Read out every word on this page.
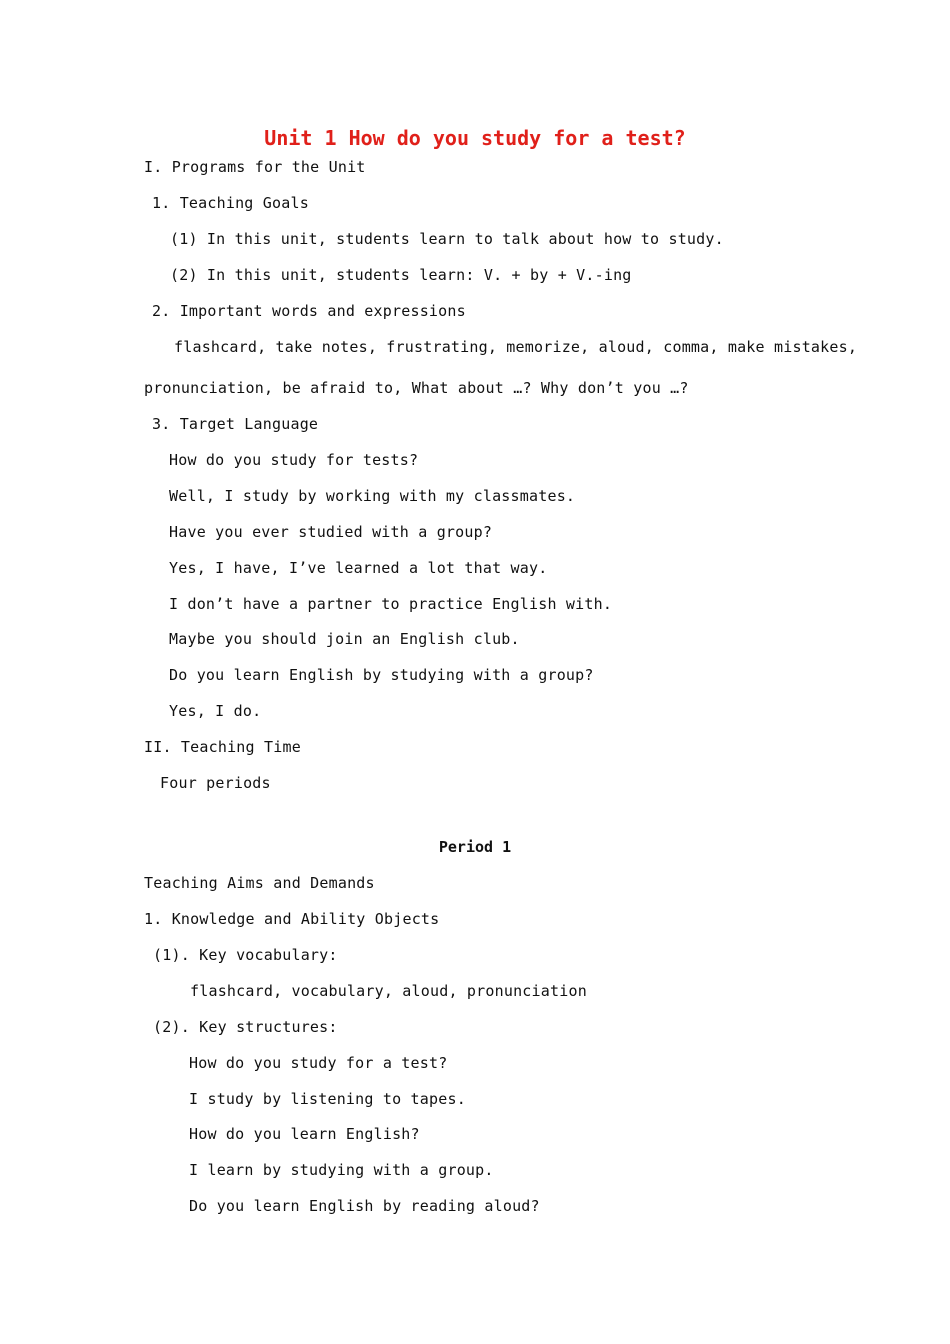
Unit 1 How do you study for a test?
I. Programs for the Unit
1. Teaching Goals
(1) In this unit, students learn to talk about how to study.
(2) In this unit, students learn: V. + by + V.-ing
2. Important words and expressions
flashcard, take notes, frustrating, memorize, aloud, comma, make mistakes,
pronunciation, be afraid to, What about …? Why don’t you …?
3. Target Language
How do you study for tests?
Well, I study by working with my classmates.
Have you ever studied with a group?
Yes, I have, I’ve learned a lot that way.
I don’t have a partner to practice English with.
Maybe you should join an English club.
Do you learn English by studying with a group?
Yes, I do.
II. Teaching Time
Four periods
Period 1
Teaching Aims and Demands
1. Knowledge and Ability Objects
(1). Key vocabulary:
flashcard, vocabulary, aloud, pronunciation
(2). Key structures:
How do you study for a test?
I study by listening to tapes.
How do you learn English?
I learn by studying with a group.
Do you learn English by reading aloud?
